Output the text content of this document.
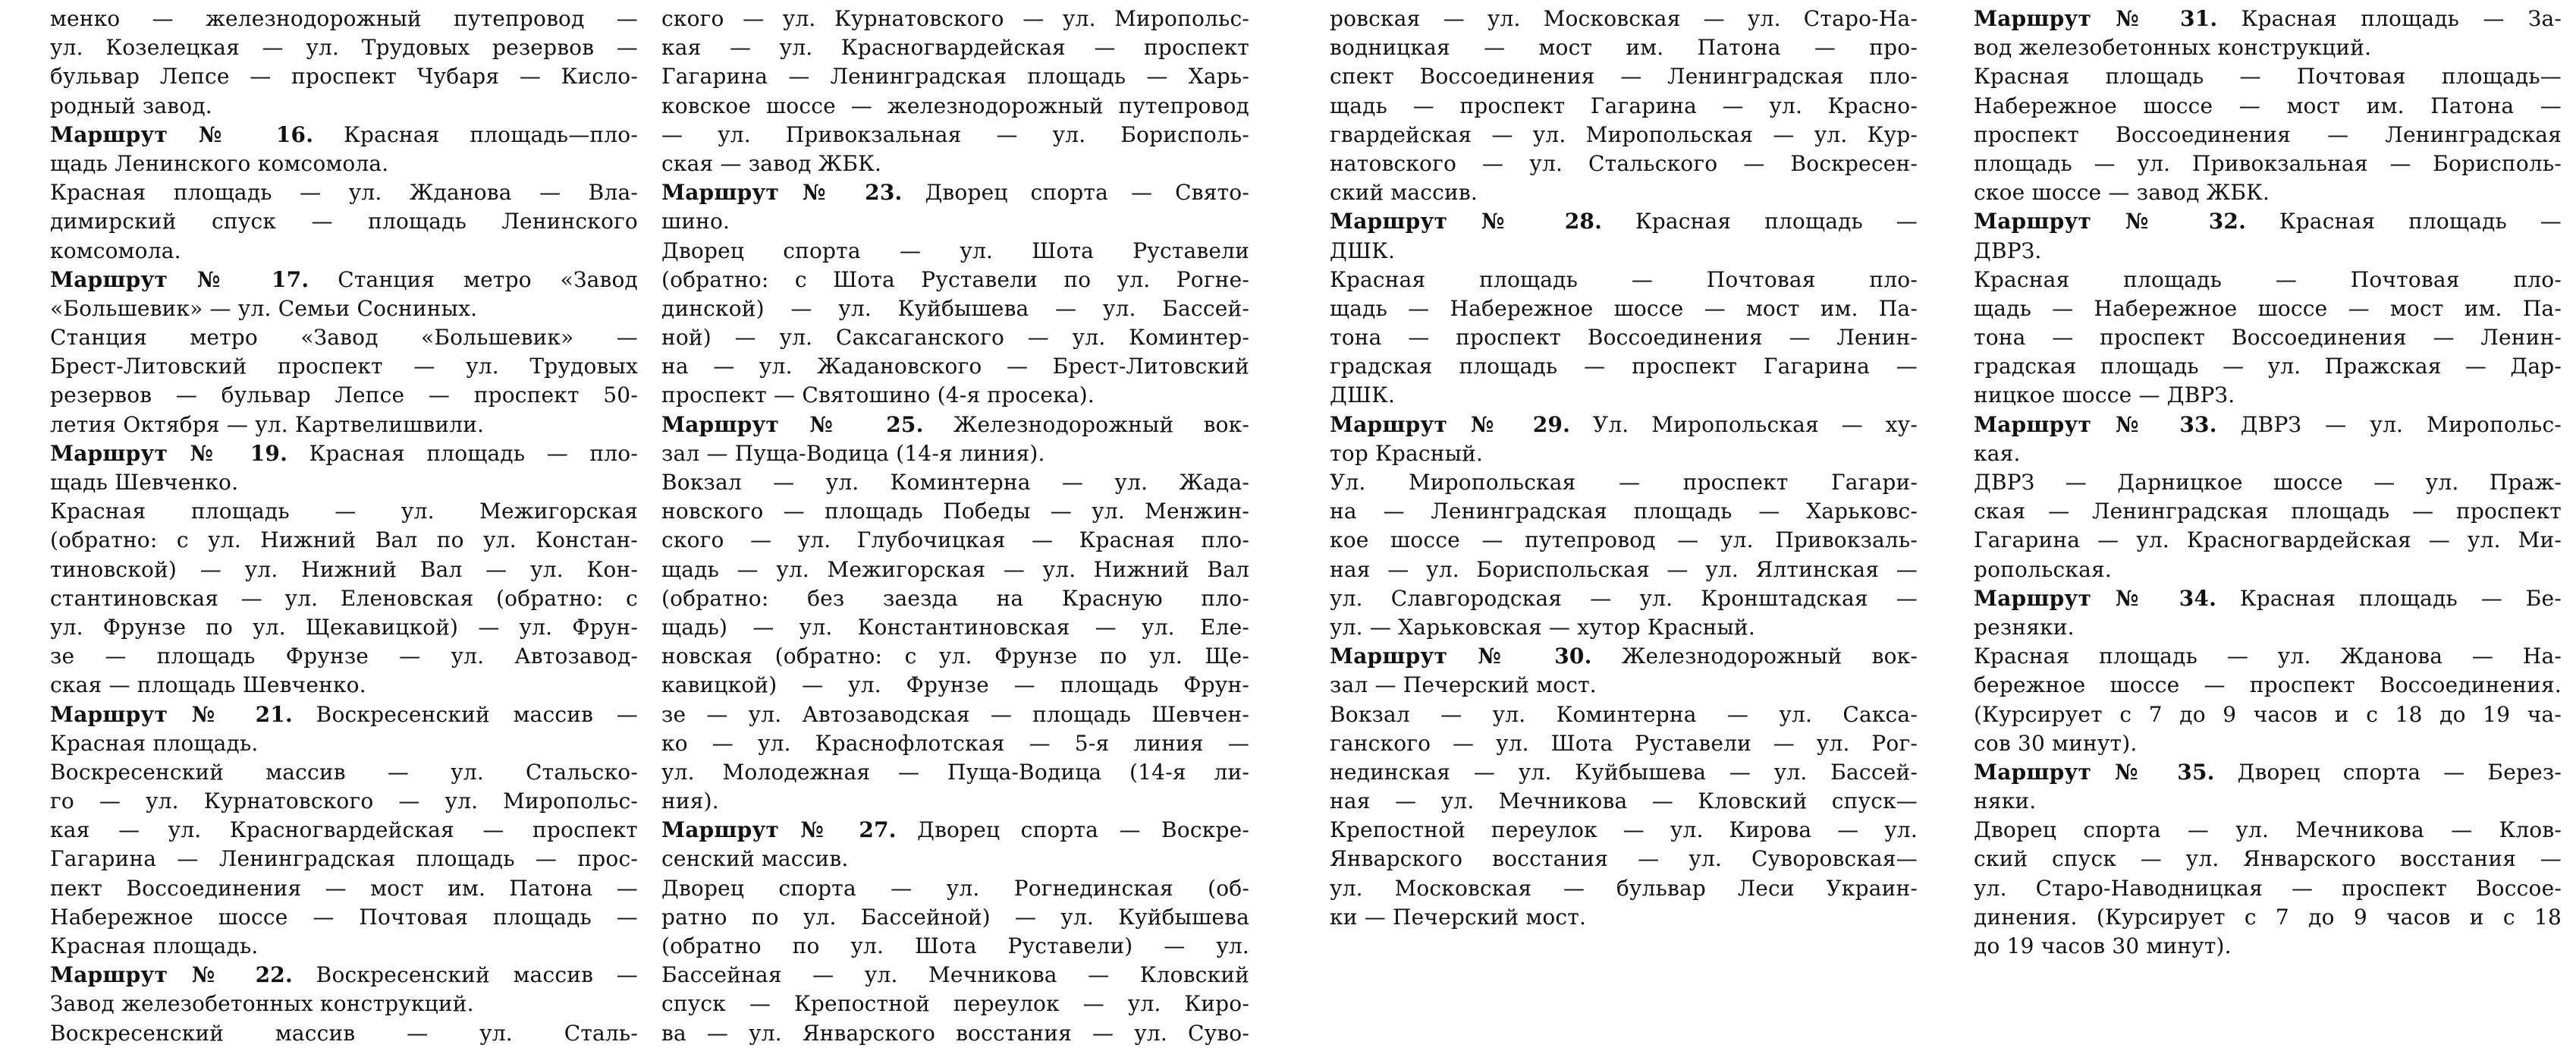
менко — железнодорожный путепровод —
ул. Козелецкая — ул. Трудовых резервов —
бульвар Лепсе — проспект Чубаря — Кисло-
родный завод.
Маршрут № 16. Красная площадь—пло-
щадь Ленинского комсомола.
Красная площадь — ул. Жданова — Вла-
димирский спуск — площадь Ленинского
комсомола.
Маршрут № 17. Станция метро «Завод
«Большевик» — ул. Семьи Сосниных.
Станция метро «Завод «Большевик» —
Брест-Литовский проспект — ул. Трудовых
резервов — бульвар Лепсе — проспект 50-
летия Октября — ул. Картвелишвили.
Маршрут № 19. Красная площадь — пло-
щадь Шевченко.
Красная площадь — ул. Межигорская
(обратно: с ул. Нижний Вал по ул. Констан-
тиновской) — ул. Нижний Вал — ул. Кон-
стантиновская — ул. Еленовская (обратно: с
ул. Фрунзе по ул. Щекавицкой) — ул. Фрун-
зе — площадь Фрунзе — ул. Автозавод-
ская — площадь Шевченко.
Маршрут № 21. Воскресенский массив —
Красная площадь.
Воскресенский массив — ул. Стальско-
го — ул. Курнатовского — ул. Миропольс-
кая — ул. Красногвардейская — проспект
Гагарина — Ленинградская площадь — прос-
пект Воссоединения — мост им. Патона —
Набережное шоссе — Почтовая площадь —
Красная площадь.
Маршрут № 22. Воскресенский массив —
Завод железобетонных конструкций.
Воскресенский массив — ул. Сталь-
ского — ул. Курнатовского — ул. Миропольс-
кая — ул. Красногвардейская — проспект
Гагарина — Ленинградская площадь — Харь-
ковское шоссе — железнодорожный путепровод
— ул. Привокзальная — ул. Борисполь-
ская — завод ЖБК.
Маршрут № 23. Дворец спорта — Свято-
шино.
Дворец спорта — ул. Шота Руставели
(обратно: с Шота Руставели по ул. Рогне-
динской) — ул. Куйбышева — ул. Бассей-
ной) — ул. Саксаганского — ул. Коминтер-
на — ул. Жадановского — Брест-Литовский
проспект — Святошино (4-я просека).
Маршрут № 25. Железнодорожный вок-
зал — Пуща-Водица (14-я линия).
Вокзал — ул. Коминтерна — ул. Жада-
новского — площадь Победы — ул. Менжин-
ского — ул. Глубочицкая — Красная пло-
щадь — ул. Межигорская — ул. Нижний Вал
(обратно: без заезда на Красную пло-
щадь) — ул. Константиновская — ул. Еле-
новская (обратно: с ул. Фрунзе по ул. Ще-
кавицкой) — ул. Фрунзе — площадь Фрун-
зе — ул. Автозаводская — площадь Шевчен-
ко — ул. Краснофлотская — 5-я линия —
ул. Молодежная — Пуща-Водица (14-я ли-
ния).
Маршрут № 27. Дворец спорта — Воскре-
сенский массив.
Дворец спорта — ул. Рогнединская (об-
ратно по ул. Бассейной) — ул. Куйбышева
(обратно по ул. Шота Руставели) — ул.
Бассейная — ул. Мечникова — Кловский
спуск — Крепостной переулок — ул. Киро-
ва — ул. Январского восстания — ул. Суво-
ровская — ул. Московская — ул. Старо-На-
водницкая — мост им. Патона — про-
спект Воссоединения — Ленинградская пло-
щадь — проспект Гагарина — ул. Красно-
гвардейская — ул. Миропольская — ул. Кур-
натовского — ул. Стальского — Воскресен-
ский массив.
Маршрут № 28. Красная площадь —
ДШК.
Красная площадь — Почтовая пло-
щадь — Набережное шоссе — мост им. Па-
тона — проспект Воссоединения — Ленин-
градская площадь — проспект Гагарина —
ДШК.
Маршрут № 29. Ул. Миропольская — ху-
тор Красный.
Ул. Миропольская — проспект Гагари-
на — Ленинградская площадь — Харьковс-
кое шоссе — путепровод — ул. Привокзаль-
ная — ул. Бориспольская — ул. Ялтинская —
ул. Славгородская — ул. Кронштадская —
ул. — Харьковская — хутор Красный.
Маршрут № 30. Железнодорожный вок-
зал — Печерский мост.
Вокзал — ул. Коминтерна — ул. Сакса-
ганского — ул. Шота Руставели — ул. Рог-
нединская — ул. Куйбышева — ул. Бассей-
ная — ул. Мечникова — Кловский спуск—
Крепостной переулок — ул. Кирова — ул.
Январского восстания — ул. Суворовская—
ул. Московская — бульвар Леси Украин-
ки — Печерский мост.
Маршрут № 31. Красная площадь — За-
вод железобетонных конструкций.
Красная площадь — Почтовая площадь—
Набережное шоссе — мост им. Патона —
проспект Воссоединения — Ленинградская
площадь — ул. Привокзальная — Борисполь-
ское шоссе — завод ЖБК.
Маршрут № 32. Красная площадь —
ДВРЗ.
Красная площадь — Почтовая пло-
щадь — Набережное шоссе — мост им. Па-
тона — проспект Воссоединения — Ленин-
градская площадь — ул. Пражская — Дар-
ницкое шоссе — ДВРЗ.
Маршрут № 33. ДВРЗ — ул. Миропольс-
кая.
ДВРЗ — Дарницкое шоссе — ул. Праж-
ская — Ленинградская площадь — проспект
Гагарина — ул. Красногвардейская — ул. Ми-
ропольская.
Маршрут № 34. Красная площадь — Бе-
резняки.
Красная площадь — ул. Жданова — На-
бережное шоссе — проспект Воссоединения.
(Курсирует с 7 до 9 часов и с 18 до 19 ча-
сов 30 минут).
Маршрут № 35. Дворец спорта — Берез-
няки.
Дворец спорта — ул. Мечникова — Клов-
ский спуск — ул. Январского восстания —
ул. Старо-Наводницкая — проспект Воссое-
динения. (Курсирует с 7 до 9 часов и с 18
до 19 часов 30 минут).
